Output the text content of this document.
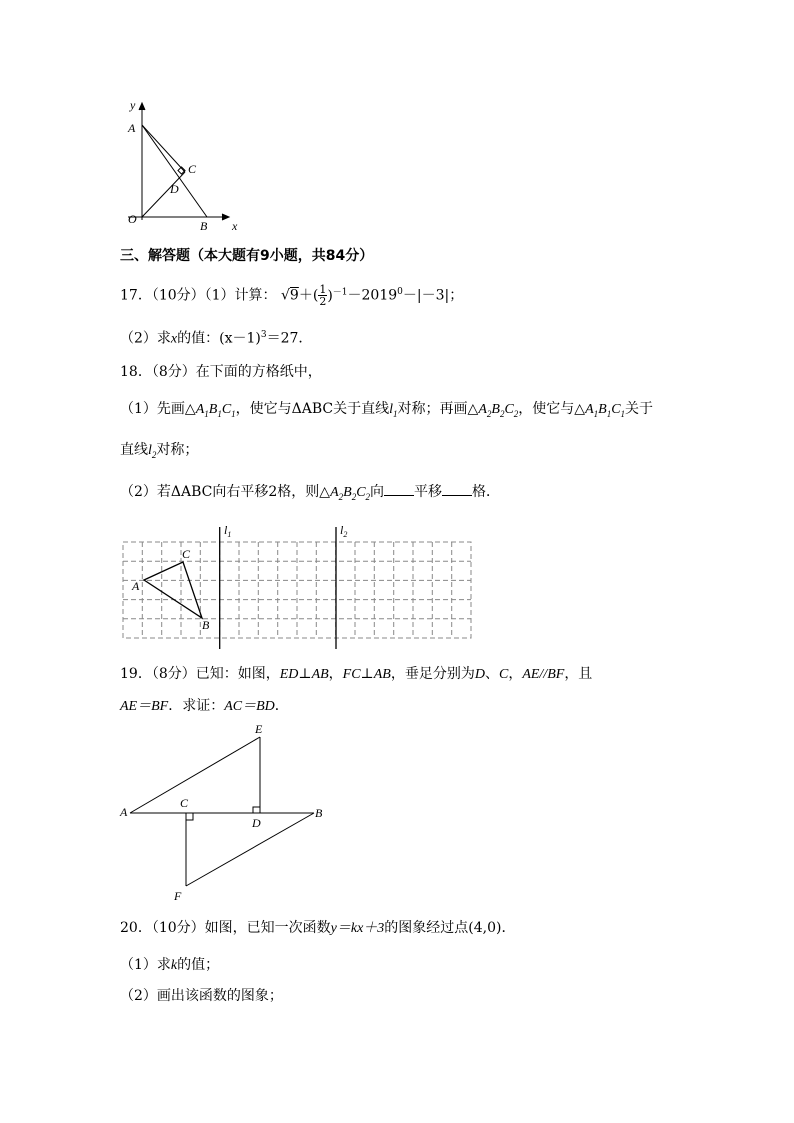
y
A
C
D
O	B x
三、解答题（本大题有9小题，共84分）
17．（10分）（1）计算： $√9+( \frac{1}{2} )^{-1}-2019^0-|-3|$；
（2）求x的值：$(x-1)^3=27$．
18．（8分）在下面的方格纸中，
（1）先画$\triangle A_1B_1C_1$，使它与ΔABC关于直线$l_1$对称；再画$\triangle A_2B_2C_2$，使它与$\triangle A_1B_1C_1$关于
直线$l_2$对称；
（2）若ΔABC向右平移2格，则$\triangle A_2B_2C_2$向 平移 格．
C
A
B
$l_1$	$l_2$
19．（8分）已知：如图，ED⊥AB，FC⊥AB，垂足分别为D、C，AE//BF，且
AE＝BF．求证：AC＝BD．
E
A
C
D
B
F
20．（10分）如图，已知一次函数y＝kx＋3的图象经过点(4,0)．
（1）求k的值；
（2）画出该函数的图象；
